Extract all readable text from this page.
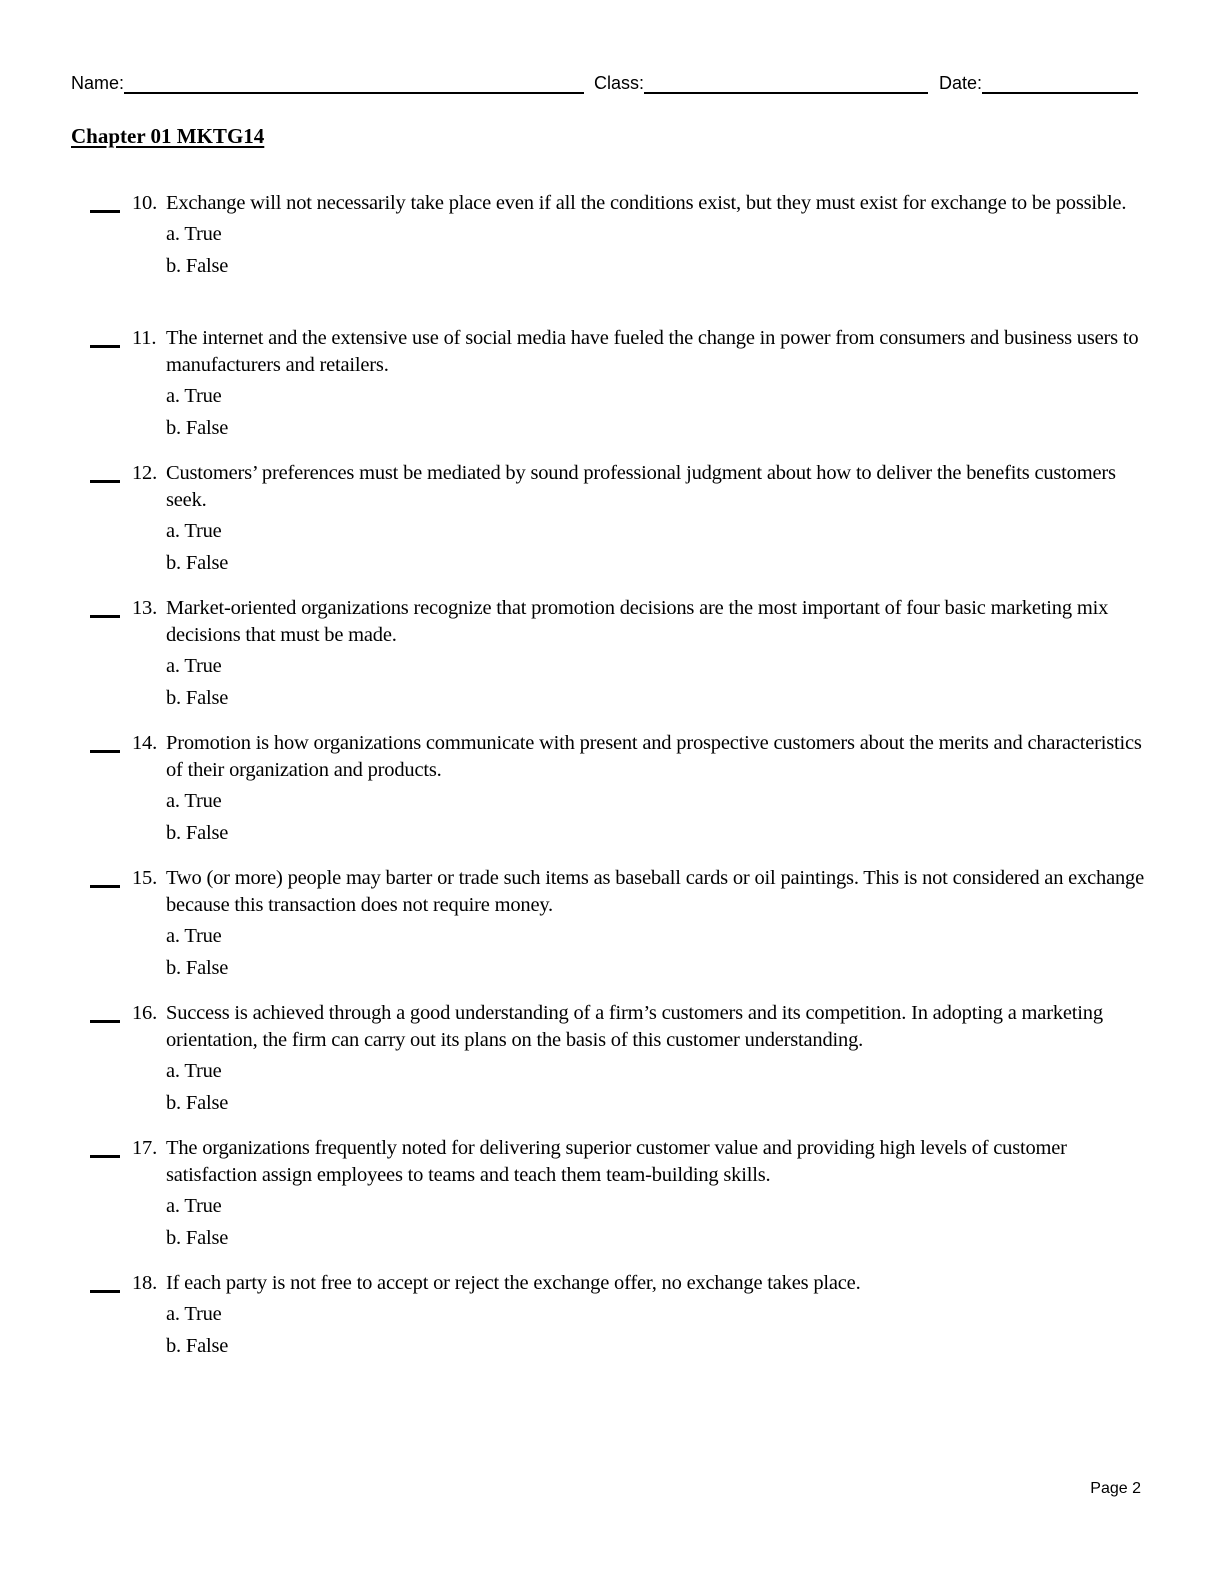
Name:	Class:	Date:
Chapter 01 MKTG14
10. Exchange will not necessarily take place even if all the conditions exist, but they must exist for exchange to be possible.
a. True
b. False
11. The internet and the extensive use of social media have fueled the change in power from consumers and business users to manufacturers and retailers.
a. True
b. False
12. Customers’ preferences must be mediated by sound professional judgment about how to deliver the benefits customers seek.
a. True
b. False
13. Market-oriented organizations recognize that promotion decisions are the most important of four basic marketing mix decisions that must be made.
a. True
b. False
14. Promotion is how organizations communicate with present and prospective customers about the merits and characteristics of their organization and products.
a. True
b. False
15. Two (or more) people may barter or trade such items as baseball cards or oil paintings. This is not considered an exchange because this transaction does not require money.
a. True
b. False
16. Success is achieved through a good understanding of a firm’s customers and its competition. In adopting a marketing orientation, the firm can carry out its plans on the basis of this customer understanding.
a. True
b. False
17. The organizations frequently noted for delivering superior customer value and providing high levels of customer satisfaction assign employees to teams and teach them team-building skills.
a. True
b. False
18. If each party is not free to accept or reject the exchange offer, no exchange takes place.
a. True
b. False
Page 2
